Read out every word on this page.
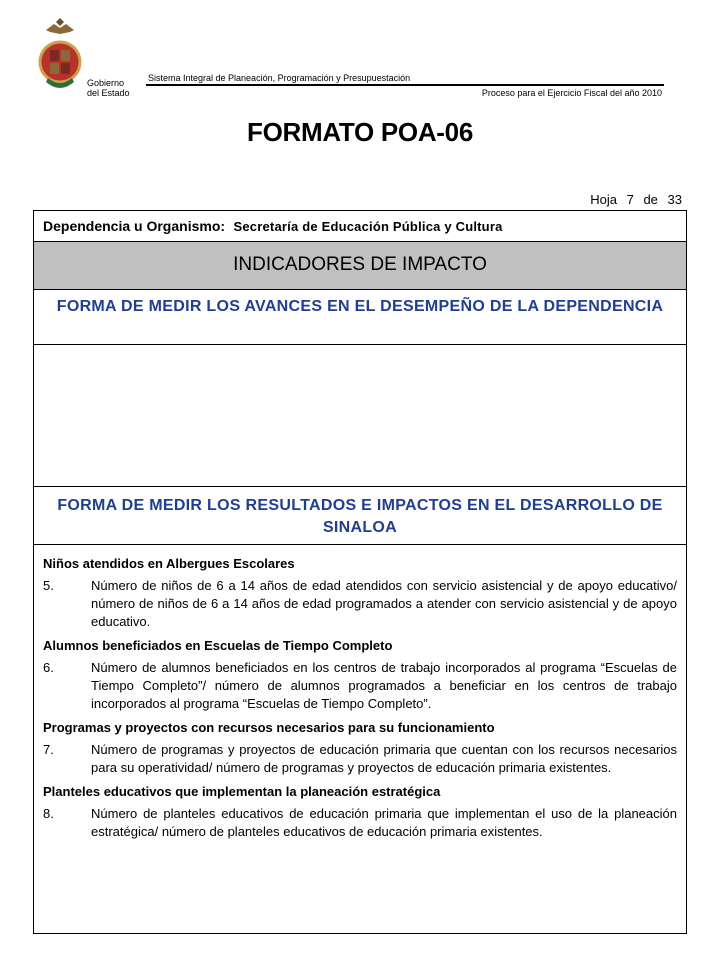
Gobierno
del Estado
Sistema Integral de Planeación, Programación y Presupuestación
Proceso para el Ejercicio Fiscal del año 2010
FORMATO POA-06
Hoja 7 de 33
Dependencia u Organismo: Secretaría de Educación Pública y Cultura
INDICADORES DE IMPACTO
FORMA DE MEDIR LOS AVANCES EN EL DESEMPEÑO DE LA DEPENDENCIA
FORMA DE MEDIR LOS RESULTADOS E IMPACTOS EN EL DESARROLLO DE SINALOA
Niños atendidos en Albergues Escolares
5.	Número de niños de 6 a 14 años de edad atendidos con servicio asistencial y de apoyo educativo/ número de niños de 6 a 14 años de edad programados a atender con servicio asistencial y de apoyo educativo.
Alumnos beneficiados en Escuelas de Tiempo Completo
6.	Número de alumnos beneficiados en los centros de trabajo incorporados al programa “Escuelas de Tiempo Completo”/ número de alumnos programados a beneficiar en los centros de trabajo incorporados al programa “Escuelas de Tiempo Completo”.
Programas y proyectos con recursos necesarios para su funcionamiento
7.	Número de programas y proyectos de educación primaria que cuentan con los recursos necesarios para su operatividad/ número de programas y proyectos de educación primaria existentes.
Planteles educativos que implementan la planeación estratégica
8.	Número de planteles educativos de educación primaria que implementan el uso de la planeación estratégica/ número de planteles educativos de educación primaria existentes.
